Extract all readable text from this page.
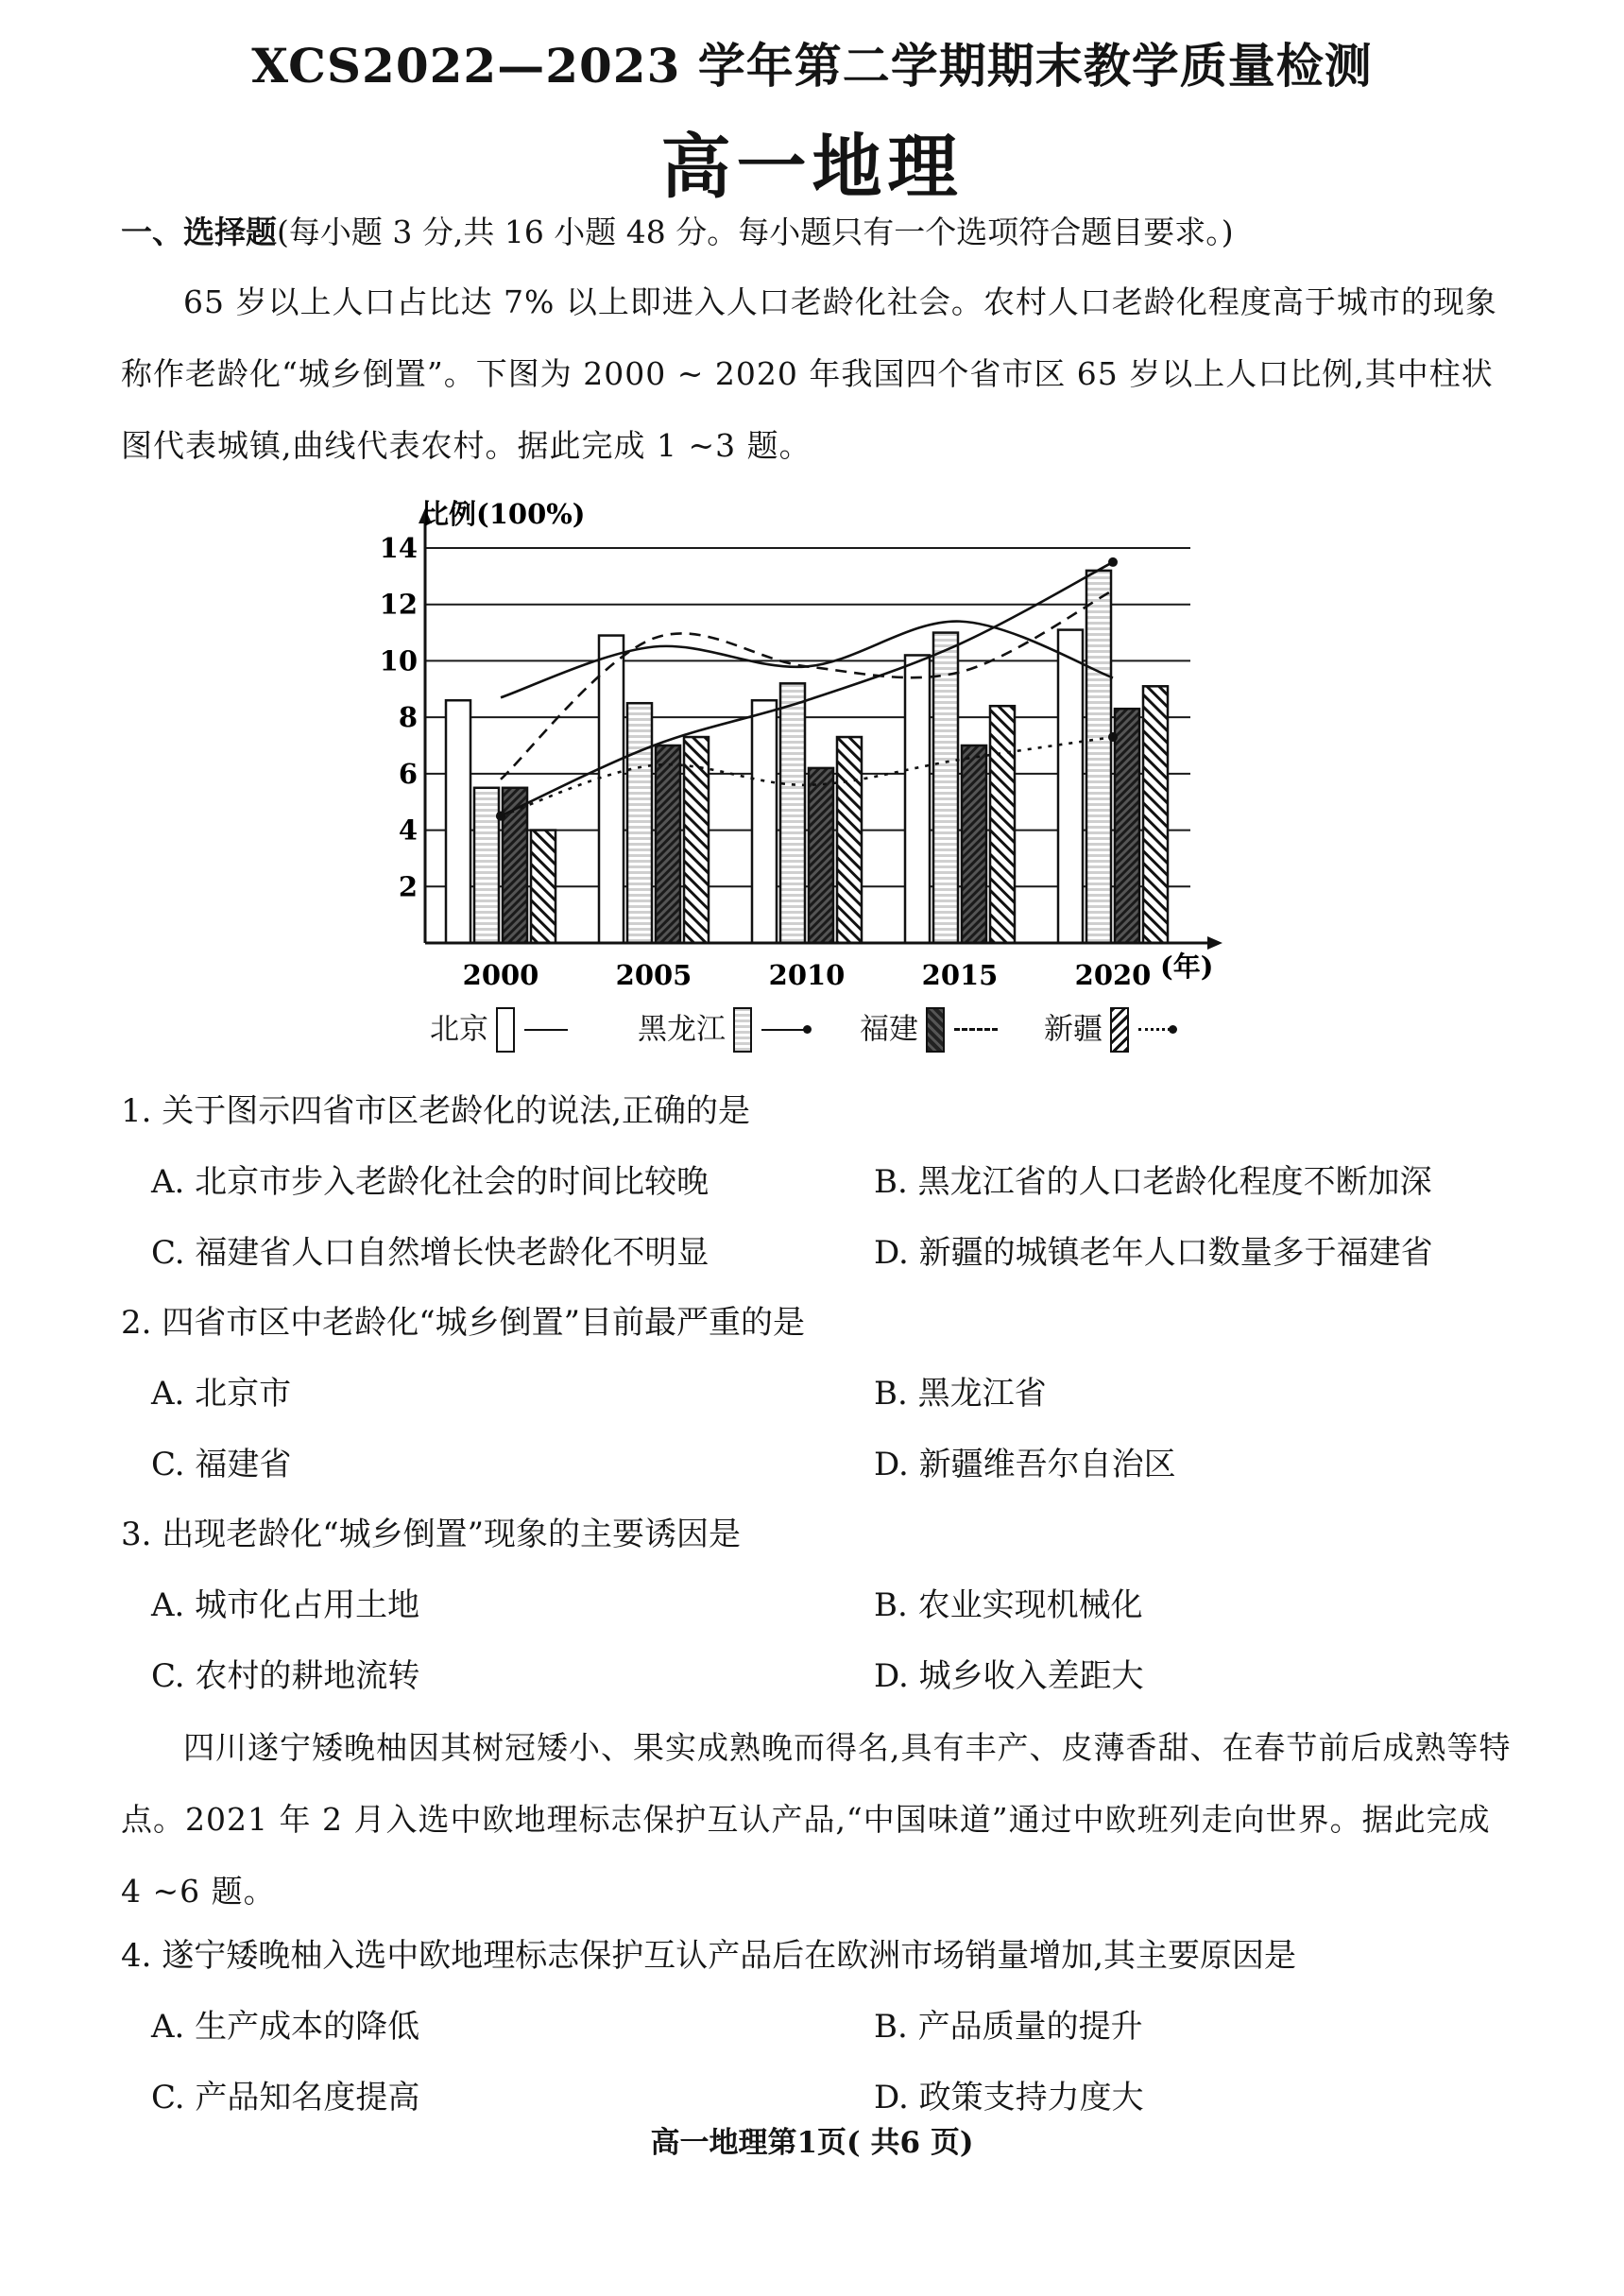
XCS2022—2023 学年第二学期期末教学质量检测
高一地理
一、选择题(每小题 3 分,共 16 小题 48 分。每小题只有一个选项符合题目要求。)

65 岁以上人口占比达 7% 以上即进入人口老龄化社会。农村人口老龄化程度高于城市的现象称作老龄化“城乡倒置”。下图为 2000 ~ 2020 年我国四个省市区 65 岁以上人口比例,其中柱状图代表城镇,曲线代表农村。据此完成 1 ~3 题。

2
4
6
8
10
12
14
2000	2005	2010	2015	2020
比例(100%)
(年)
北京	黑龙江	福建	新疆

1. 关于图示四省市区老龄化的说法,正确的是

A. 北京市步入老龄化社会的时间比较晚	B. 黑龙江省的人口老龄化程度不断加深
C. 福建省人口自然增长快老龄化不明显	D. 新疆的城镇老年人口数量多于福建省

2. 四省市区中老龄化“城乡倒置”目前最严重的是

A. 北京市	B. 黑龙江省
C. 福建省	D. 新疆维吾尔自治区

3. 出现老龄化“城乡倒置”现象的主要诱因是

A. 城市化占用土地	B. 农业实现机械化
C. 农村的耕地流转	D. 城乡收入差距大

四川遂宁矮晚柚因其树冠矮小、果实成熟晚而得名,具有丰产、皮薄香甜、在春节前后成熟等特点。2021 年 2 月入选中欧地理标志保护互认产品,“中国味道”通过中欧班列走向世界。据此完成 4 ~6 题。

4. 遂宁矮晚柚入选中欧地理标志保护互认产品后在欧洲市场销量增加,其主要原因是

A. 生产成本的降低	B. 产品质量的提升
C. 产品知名度提高	D. 政策支持力度大
高一地理第1页( 共6 页)
